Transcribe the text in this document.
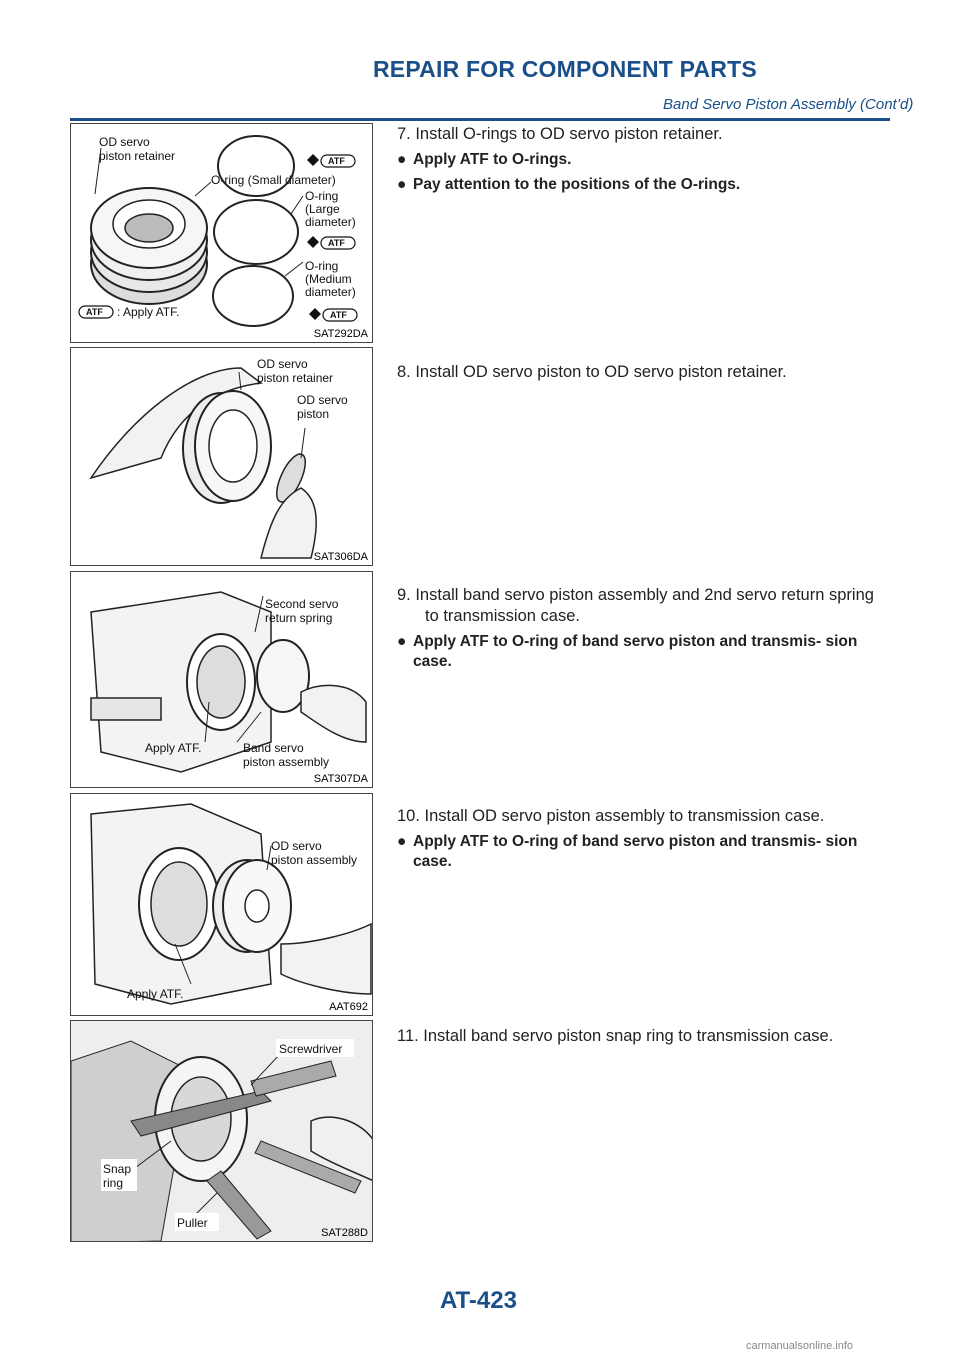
REPAIR FOR COMPONENT PARTS
Band Servo Piston Assembly (Cont’d)
OD servo
piston retainer
O-ring (Small diameter)
O-ring
(Large
diameter)
O-ring
(Medium
diameter)
ATF
ATF
ATF
ATF : Apply ATF.
SAT292DA
OD servo
piston retainer
OD servo
piston
SAT306DA
Second servo
return spring
Apply ATF.	Band servo
piston assembly
SAT307DA
OD servo
piston assembly
Apply ATF.
AAT692
Screwdriver
Snap
ring
Puller
SAT288D
7. Install O-rings to OD servo piston retainer.
● Apply ATF to O-rings.
● Pay attention to the positions of the O-rings.
8. Install OD servo piston to OD servo piston retainer.
9. Install band servo piston assembly and 2nd servo return spring to transmission case.
● Apply ATF to O-ring of band servo piston and transmis- sion case.
10. Install OD servo piston assembly to transmission case.
● Apply ATF to O-ring of band servo piston and transmis- sion case.
11. Install band servo piston snap ring to transmission case.
AT-423
carmanualsonline.info
